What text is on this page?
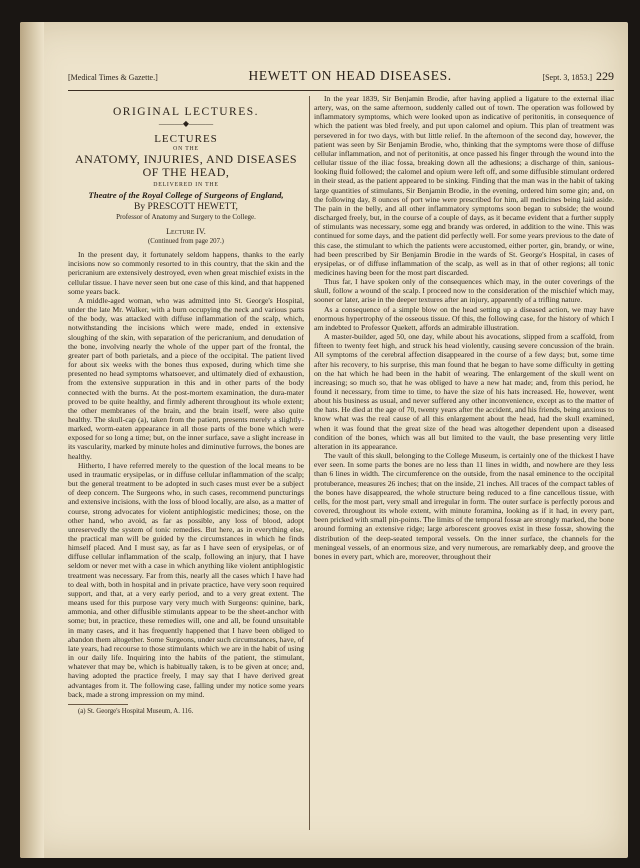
[Medical Times & Gazette.]	HEWETT ON HEAD DISEASES.	[Sept. 3, 1853.] 229
ORIGINAL LECTURES.
———◆———
LECTURES
ON THE
ANATOMY, INJURIES, AND DISEASES
OF THE HEAD,
DELIVERED IN THE
Theatre of the Royal College of Surgeons of England,
By PRESCOTT HEWETT,
Professor of Anatomy and Surgery to the College.
Lecture IV.
(Continued from page 207.)

In the present day, it fortunately seldom happens, thanks to the early incisions now so commonly resorted to in this country, that the skin and the pericranium are extensively destroyed, even when great mischief exists in the cellular tissue. I have never seen but one case of this kind, and that happened some years back.

A middle-aged woman, who was admitted into St. George's Hospital, under the late Mr. Walker, with a burn occupying the neck and various parts of the body, was attacked with diffuse inflammation of the scalp, which, notwithstanding the incisions which were made, ended in extensive sloughing of the skin, with separation of the pericranium, and denudation of the bone, involving nearly the whole of the upper part of the frontal, the greater part of both parietals, and a piece of the occipital. The patient lived for about six weeks with the bones thus exposed, during which time she presented no head symptoms whatsoever, and ultimately died of exhaustion, from the extensive suppuration in this and in other parts of the body connected with the burns. At the post-mortem examination, the dura-mater proved to be quite healthy, and firmly adherent throughout its whole extent; the other membranes of the brain, and the brain itself, were also quite healthy. The skull-cap (a), taken from the patient, presents merely a slightly-marked, worm-eaten appearance in all those parts of the bone which were exposed for so long a time; but, on the inner surface, save a slight increase in its vascularity, marked by minute holes and diminutive furrows, the bones are healthy.

Hitherto, I have referred merely to the question of the local means to be used in traumatic erysipelas, or in diffuse cellular inflammation of the scalp; but the general treatment to be adopted in such cases must ever be a subject of deep concern. The Surgeons who, in such cases, recommend puncturings and extensive incisions, with the loss of blood locally, are also, as a matter of course, strong advocates for violent antiphlogistic medicines; those, on the other hand, who avoid, as far as possible, any loss of blood, adopt unreservedly the system of tonic remedies. But here, as in everything else, the practical man will be guided by the circumstances in which he finds himself placed. And I must say, as far as I have seen of erysipelas, or of diffuse cellular inflammation of the scalp, following an injury, that I have seldom or never met with a case in which anything like violent antiphlogistic treatment was necessary. Far from this, nearly all the cases which I have had to deal with, both in hospital and in private practice, have very soon required support, and that, at a very early period, and to a very great extent. The means used for this purpose vary very much with Surgeons: quinine, bark, ammonia, and other diffusible stimulants appear to be the sheet-anchor with some; but, in practice, these remedies will, one and all, be found unsuitable in many cases, and it has frequently happened that I have been obliged to abandon them altogether. Some Surgeons, under such circumstances, have, of late years, had recourse to those stimulants which we are in the habit of using in our daily life. Inquiring into the habits of the patient, the stimulant, whatever that may be, which is habitually taken, is to be given at once; and, having adopted the practice freely, I may say that I have derived great advantages from it. The following case, falling under my notice some years back, made a strong impression on my mind.

(a) St. George's Hospital Museum, A. 116.

In the year 1839, Sir Benjamin Brodie, after having applied a ligature to the external iliac artery, was, on the same afternoon, suddenly called out of town. The operation was followed by inflammatory symptoms, which were looked upon as indicative of peritonitis, in consequence of which the patient was bled freely, and put upon calomel and opium. This plan of treatment was persevered in for two days, with but little relief. In the afternoon of the second day, however, the patient was seen by Sir Benjamin Brodie, who, thinking that the symptoms were those of diffuse cellular inflammation, and not of peritonitis, at once passed his finger through the wound into the cellular tissue of the iliac fossa, breaking down all the adhesions; a discharge of thin, sanious-looking fluid followed; the calomel and opium were left off, and some diffusible stimulant ordered in their stead, as the patient appeared to be sinking. Finding that the man was in the habit of taking large quantities of stimulants, Sir Benjamin Brodie, in the evening, ordered him some gin; and, on the following day, 8 ounces of port wine were prescribed for him, all medicines being laid aside. The pain in the belly, and all other inflammatory symptoms soon began to subside; the wound discharged freely, but, in the course of a couple of days, as it became evident that a further supply of stimulants was necessary, some egg and brandy was ordered, in addition to the wine. This was continued for some days, and the patient did perfectly well. For some years previous to the date of this case, the stimulant to which the patients were accustomed, either porter, gin, brandy, or wine, had been prescribed by Sir Benjamin Brodie in the wards of St. George's Hospital, in cases of erysipelas, or of diffuse inflammation of the scalp, as well as in that of other regions; all tonic medicines having been for the most part discarded.

Thus far, I have spoken only of the consequences which may, in the outer coverings of the skull, follow a wound of the scalp. I proceed now to the consideration of the mischief which may, sooner or later, arise in the deeper textures after an injury, apparently of a trifling nature.

As a consequence of a simple blow on the head setting up a diseased action, we may have enormous hypertrophy of the osseous tissue. Of this, the following case, for the history of which I am indebted to Professor Quekett, affords an admirable illustration.

A master-builder, aged 50, one day, while about his avocations, slipped from a scaffold, from fifteen to twenty feet high, and struck his head violently, causing severe concussion of the brain. All symptoms of the cerebral affection disappeared in the course of a few days; but, some time after his recovery, to his surprise, this man found that he began to have some difficulty in getting on the hat which he had been in the habit of wearing. The enlargement of the skull went on increasing; so much so, that he was obliged to have a new hat made; and, from this period, he found it necessary, from time to time, to have the size of his hats increased. He, however, went about his business as usual, and never suffered any other inconvenience, except as to the matter of the hats. He died at the age of 70, twenty years after the accident, and his friends, being anxious to know what was the real cause of all this enlargement about the head, had the skull examined, when it was found that the great size of the head was altogether dependent upon a diseased condition of the bones, which was all but limited to the vault, the base presenting very little alteration in its appearance.

The vault of this skull, belonging to the College Museum, is certainly one of the thickest I have ever seen. In some parts the bones are no less than 11 lines in width, and nowhere are they less than 6 lines in width. The circumference on the outside, from the nasal eminence to the occipital protuberance, measures 26 inches; that on the inside, 21 inches. All traces of the compact tables of the bones have disappeared, the whole structure being reduced to a fine cancellous tissue, with cells, for the most part, very small and irregular in form. The outer surface is perfectly porous and covered, throughout its whole extent, with minute foramina, looking as if it had, in every part, been pricked with small pin-points. The limits of the temporal fossæ are strongly marked, the bone around forming an extensive ridge; large arborescent grooves exist in these fossæ, showing the distribution of the deep-seated temporal vessels. On the inner surface, the channels for the meningeal vessels, of an enormous size, and very numerous, are remarkably deep, and groove the bones in every part, which are, moreover, throughout their
